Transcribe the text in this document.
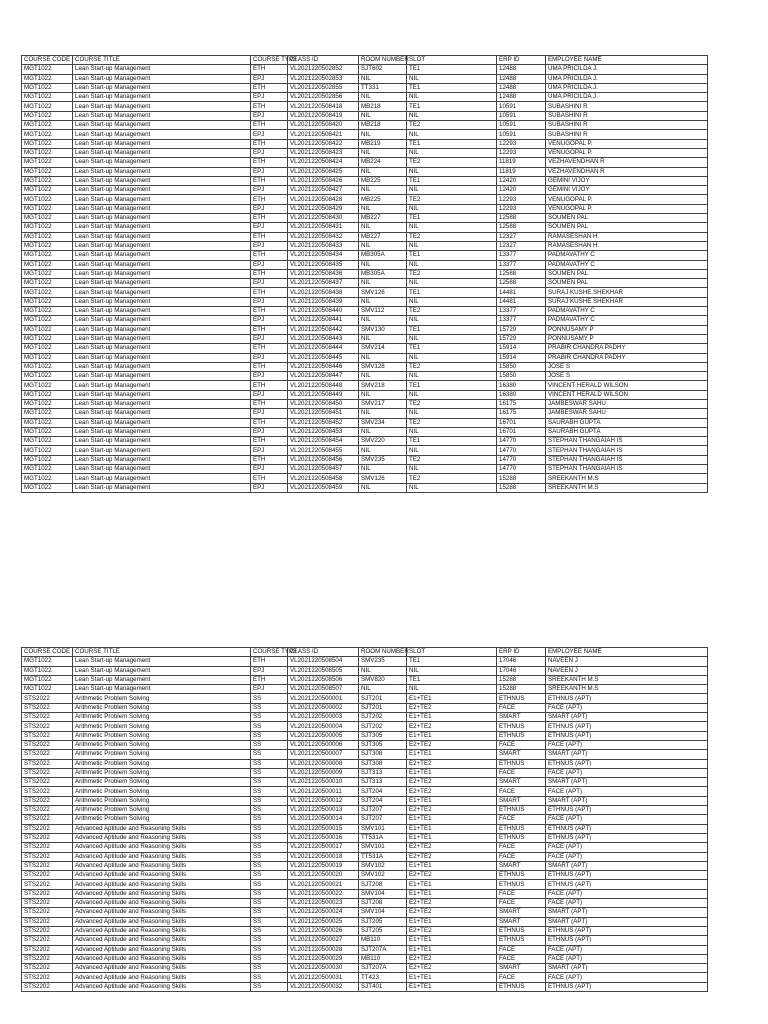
COURSE CODE	COURSE TITLE	COURSE TYPE	CLASS ID	ROOM NUMBER	SLOT	ERP ID	EMPLOYEE NAME
MGT1022	Lean Start-up Management	ETH	VL2021220502852	SJT602	TE1	12488	UMA PRICILDA J.
MGT1022	Lean Start-up Management	EPJ	VL2021220502853	NIL	NIL	12488	UMA PRICILDA J.
MGT1022	Lean Start-up Management	ETH	VL2021220502855	TT331	TE1	12488	UMA PRICILDA J.
MGT1022	Lean Start-up Management	EPJ	VL2021220502856	NIL	NIL	12488	UMA PRICILDA J.
MGT1022	Lean Start-up Management	ETH	VL2021220508418	MB218	TE1	10591	SUBASHINI R
MGT1022	Lean Start-up Management	EPJ	VL2021220508419	NIL	NIL	10591	SUBASHINI R
MGT1022	Lean Start-up Management	ETH	VL2021220508420	MB218	TE2	10591	SUBASHINI R
MGT1022	Lean Start-up Management	EPJ	VL2021220508421	NIL	NIL	10591	SUBASHINI R
MGT1022	Lean Start-up Management	ETH	VL2021220508422	MB219	TE1	12293	VENUGOPAL P.
MGT1022	Lean Start-up Management	EPJ	VL2021220508423	NIL	NIL	12293	VENUGOPAL P.
MGT1022	Lean Start-up Management	ETH	VL2021220508424	MB224	TE2	11819	VEZHAVENDHAN R
MGT1022	Lean Start-up Management	EPJ	VL2021220508425	NIL	NIL	11819	VEZHAVENDHAN R
MGT1022	Lean Start-up Management	ETH	VL2021220508426	MB225	TE1	12420	GEMINI VIJOY
MGT1022	Lean Start-up Management	EPJ	VL2021220508427	NIL	NIL	12420	GEMINI VIJOY
MGT1022	Lean Start-up Management	ETH	VL2021220508428	MB225	TE2	12293	VENUGOPAL P.
MGT1022	Lean Start-up Management	EPJ	VL2021220508429	NIL	NIL	12293	VENUGOPAL P.
MGT1022	Lean Start-up Management	ETH	VL2021220508430	MB227	TE1	12588	SOUMEN PAL
MGT1022	Lean Start-up Management	EPJ	VL2021220508431	NIL	NIL	12588	SOUMEN PAL
MGT1022	Lean Start-up Management	ETH	VL2021220508432	MB227	TE2	12327	RAMASESHAN H.
MGT1022	Lean Start-up Management	EPJ	VL2021220508433	NIL	NIL	12327	RAMASESHAN H.
MGT1022	Lean Start-up Management	ETH	VL2021220508434	MB305A	TE1	13377	PADMAVATHY C
MGT1022	Lean Start-up Management	EPJ	VL2021220508435	NIL	NIL	13377	PADMAVATHY C
MGT1022	Lean Start-up Management	ETH	VL2021220508436	MB305A	TE2	12588	SOUMEN PAL
MGT1022	Lean Start-up Management	EPJ	VL2021220508437	NIL	NIL	12588	SOUMEN PAL
MGT1022	Lean Start-up Management	ETH	VL2021220508438	SMV126	TE1	14481	SURAJ KUSHE SHEKHAR
MGT1022	Lean Start-up Management	EPJ	VL2021220508439	NIL	NIL	14481	SURAJ KUSHE SHEKHAR
MGT1022	Lean Start-up Management	ETH	VL2021220508440	SMV112	TE2	13377	PADMAVATHY C
MGT1022	Lean Start-up Management	EPJ	VL2021220508441	NIL	NIL	13377	PADMAVATHY C
MGT1022	Lean Start-up Management	ETH	VL2021220508442	SMV130	TE1	15729	PONNUSAMY P
MGT1022	Lean Start-up Management	EPJ	VL2021220508443	NIL	NIL	15729	PONNUSAMY P
MGT1022	Lean Start-up Management	ETH	VL2021220508444	SMV214	TE1	15914	PRABIR CHANDRA PADHY
MGT1022	Lean Start-up Management	EPJ	VL2021220508445	NIL	NIL	15914	PRABIR CHANDRA PADHY
MGT1022	Lean Start-up Management	ETH	VL2021220508446	SMV128	TE2	15850	JOSE S
MGT1022	Lean Start-up Management	EPJ	VL2021220508447	NIL	NIL	15850	JOSE S
MGT1022	Lean Start-up Management	ETH	VL2021220508448	SMV218	TE1	16380	VINCENT HERALD WILSON
MGT1022	Lean Start-up Management	EPJ	VL2021220508449	NIL	NIL	16380	VINCENT HERALD WILSON
MGT1022	Lean Start-up Management	ETH	VL2021220508450	SMV217	TE2	16175	JAMBESWAR SAHU
MGT1022	Lean Start-up Management	EPJ	VL2021220508451	NIL	NIL	16175	JAMBESWAR SAHU
MGT1022	Lean Start-up Management	ETH	VL2021220508452	SMV234	TE2	16701	SAURABH GUPTA
MGT1022	Lean Start-up Management	EPJ	VL2021220508453	NIL	NIL	16701	SAURABH GUPTA
MGT1022	Lean Start-up Management	ETH	VL2021220508454	SMV220	TE1	14770	STEPHAN THANGAIAH IS
MGT1022	Lean Start-up Management	EPJ	VL2021220508455	NIL	NIL	14770	STEPHAN THANGAIAH IS
MGT1022	Lean Start-up Management	ETH	VL2021220508456	SMV235	TE2	14770	STEPHAN THANGAIAH IS
MGT1022	Lean Start-up Management	EPJ	VL2021220508457	NIL	NIL	14770	STEPHAN THANGAIAH IS
MGT1022	Lean Start-up Management	ETH	VL2021220508458	SMV126	TE2	15288	SREEKANTH M.S
MGT1022	Lean Start-up Management	EPJ	VL2021220508459	NIL	NIL	15288	SREEKANTH M.S
COURSE CODE	COURSE TITLE	COURSE TYPE	CLASS ID	ROOM NUMBER	SLOT	ERP ID	EMPLOYEE NAME
MGT1022	Lean Start-up Management	ETH	VL2021220508504	SMV235	TE1	17046	NAVEEN J
MGT1022	Lean Start-up Management	EPJ	VL2021220508505	NIL	NIL	17046	NAVEEN J
MGT1022	Lean Start-up Management	ETH	VL2021220508506	SMV820	TE1	15288	SREEKANTH M.S
MGT1022	Lean Start-up Management	EPJ	VL2021220508507	NIL	NIL	15288	SREEKANTH M.S
STS2022	Arithmetic Problem Solving	SS	VL2021220500001	SJT201	E1+TE1	ETHNUS	ETHNUS (APT)
STS2022	Arithmetic Problem Solving	SS	VL2021220500002	SJT201	E2+TE2	FACE	FACE (APT)
STS2022	Arithmetic Problem Solving	SS	VL2021220500003	SJT202	E1+TE1	SMART	SMART (APT)
STS2022	Arithmetic Problem Solving	SS	VL2021220500004	SJT202	E2+TE2	ETHNUS	ETHNUS (APT)
STS2022	Arithmetic Problem Solving	SS	VL2021220500005	SJT305	E1+TE1	ETHNUS	ETHNUS (APT)
STS2022	Arithmetic Problem Solving	SS	VL2021220500006	SJT305	E2+TE2	FACE	FACE (APT)
STS2022	Arithmetic Problem Solving	SS	VL2021220500007	SJT308	E1+TE1	SMART	SMART (APT)
STS2022	Arithmetic Problem Solving	SS	VL2021220500008	SJT308	E2+TE2	ETHNUS	ETHNUS (APT)
STS2022	Arithmetic Problem Solving	SS	VL2021220500009	SJT313	E1+TE1	FACE	FACE (APT)
STS2022	Arithmetic Problem Solving	SS	VL2021220500010	SJT313	E2+TE2	SMART	SMART (APT)
STS2022	Arithmetic Problem Solving	SS	VL2021220500011	SJT204	E2+TE2	FACE	FACE (APT)
STS2022	Arithmetic Problem Solving	SS	VL2021220500012	SJT204	E1+TE1	SMART	SMART (APT)
STS2022	Arithmetic Problem Solving	SS	VL2021220500013	SJT207	E2+TE2	ETHNUS	ETHNUS (APT)
STS2022	Arithmetic Problem Solving	SS	VL2021220500014	SJT207	E1+TE1	FACE	FACE (APT)
STS2202	Advanced Aptitude and Reasoning Skills	SS	VL2021220500015	SMV101	E1+TE1	ETHNUS	ETHNUS (APT)
STS2202	Advanced Aptitude and Reasoning Skills	SS	VL2021220500016	TT531A	E1+TE1	ETHNUS	ETHNUS (APT)
STS2202	Advanced Aptitude and Reasoning Skills	SS	VL2021220500017	SMV101	E2+TE2	FACE	FACE (APT)
STS2202	Advanced Aptitude and Reasoning Skills	SS	VL2021220500018	TT531A	E2+TE2	FACE	FACE (APT)
STS2202	Advanced Aptitude and Reasoning Skills	SS	VL2021220500019	SMV102	E1+TE1	SMART	SMART (APT)
STS2202	Advanced Aptitude and Reasoning Skills	SS	VL2021220500020	SMV102	E2+TE2	ETHNUS	ETHNUS (APT)
STS2202	Advanced Aptitude and Reasoning Skills	SS	VL2021220500021	SJT208	E1+TE1	ETHNUS	ETHNUS (APT)
STS2202	Advanced Aptitude and Reasoning Skills	SS	VL2021220500022	SMV104	E1+TE1	FACE	FACE (APT)
STS2202	Advanced Aptitude and Reasoning Skills	SS	VL2021220500023	SJT208	E2+TE2	FACE	FACE (APT)
STS2202	Advanced Aptitude and Reasoning Skills	SS	VL2021220500024	SMV104	E2+TE2	SMART	SMART (APT)
STS2202	Advanced Aptitude and Reasoning Skills	SS	VL2021220500025	SJT205	E1+TE1	SMART	SMART (APT)
STS2202	Advanced Aptitude and Reasoning Skills	SS	VL2021220500026	SJT205	E2+TE2	ETHNUS	ETHNUS (APT)
STS2202	Advanced Aptitude and Reasoning Skills	SS	VL2021220500027	MB110	E1+TE1	ETHNUS	ETHNUS (APT)
STS2202	Advanced Aptitude and Reasoning Skills	SS	VL2021220500028	SJT207A	E1+TE1	FACE	FACE (APT)
STS2202	Advanced Aptitude and Reasoning Skills	SS	VL2021220500029	MB110	E2+TE2	FACE	FACE (APT)
STS2202	Advanced Aptitude and Reasoning Skills	SS	VL2021220500030	SJT207A	E2+TE2	SMART	SMART (APT)
STS2202	Advanced Aptitude and Reasoning Skills	SS	VL2021220500031	TT423	E1+TE1	FACE	FACE (APT)
STS2202	Advanced Aptitude and Reasoning Skills	SS	VL2021220500032	SJT401	E1+TE1	ETHNUS	ETHNUS (APT)
